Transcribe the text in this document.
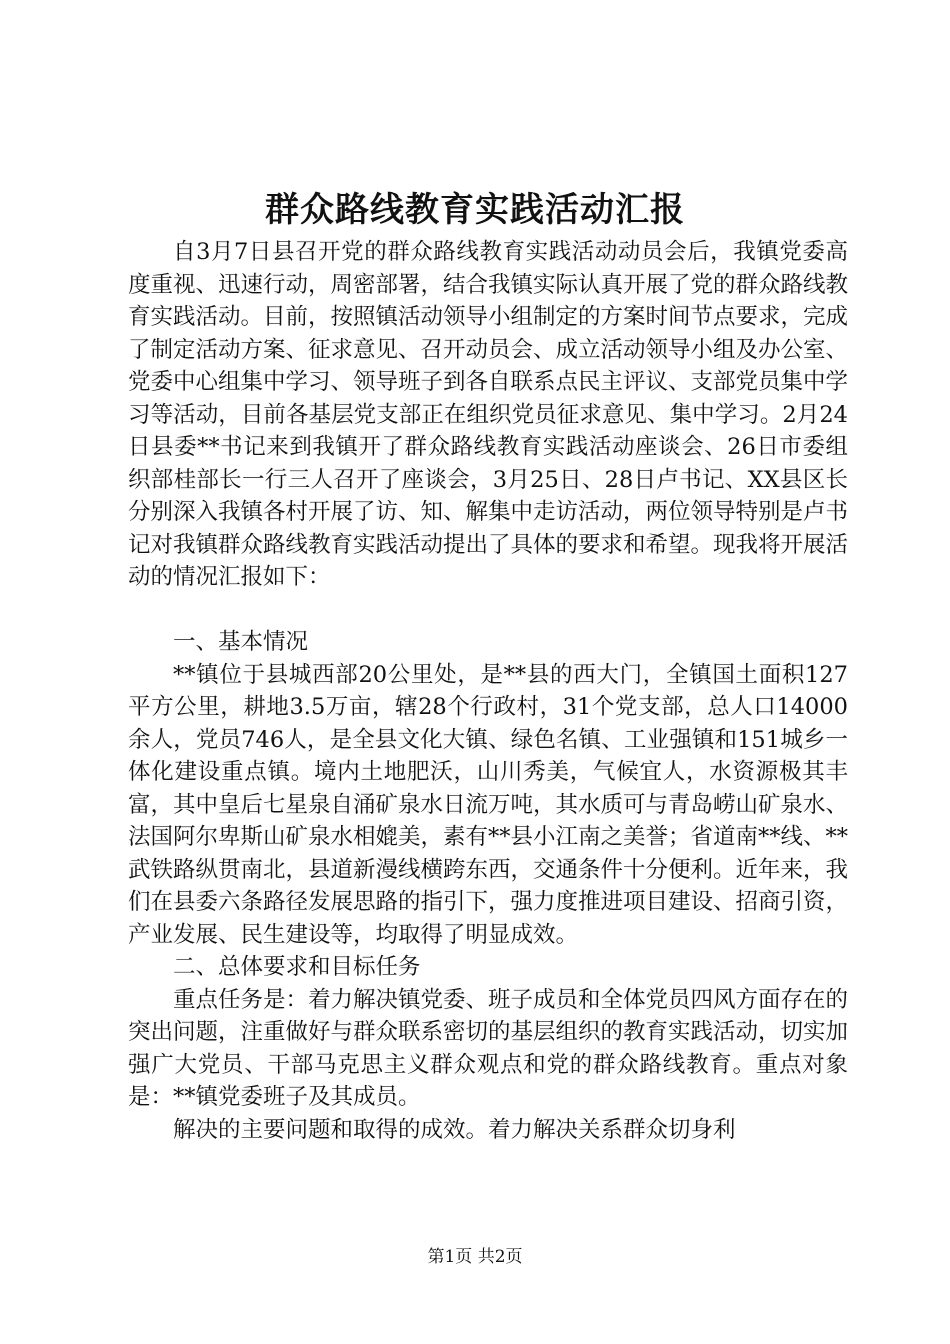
群众路线教育实践活动汇报

自3月7日县召开党的群众路线教育实践活动动员会后，我镇党委高度重视、迅速行动，周密部署，结合我镇实际认真开展了党的群众路线教育实践活动。目前，按照镇活动领导小组制定的方案时间节点要求，完成了制定活动方案、征求意见、召开动员会、成立活动领导小组及办公室、党委中心组集中学习、领导班子到各自联系点民主评议、支部党员集中学习等活动，目前各基层党支部正在组织党员征求意见、集中学习。2月24日县委**书记来到我镇开了群众路线教育实践活动座谈会、26日市委组织部桂部长一行三人召开了座谈会，3月25日、28日卢书记、XX县区长分别深入我镇各村开展了访、知、解集中走访活动，两位领导特别是卢书记对我镇群众路线教育实践活动提出了具体的要求和希望。现我将开展活动的情况汇报如下：

一、基本情况

**镇位于县城西部20公里处，是**县的西大门，全镇国土面积127平方公里，耕地3.5万亩，辖28个行政村，31个党支部，总人口14000余人，党员746人，是全县文化大镇、绿色名镇、工业强镇和151城乡一体化建设重点镇。境内土地肥沃，山川秀美，气候宜人，水资源极其丰富，其中皇后七星泉自涌矿泉水日流万吨，其水质可与青岛崂山矿泉水、法国阿尔卑斯山矿泉水相媲美，素有**县小江南之美誉；省道南**线、**武铁路纵贯南北，县道新漫线横跨东西，交通条件十分便利。近年来，我们在县委六条路径发展思路的指引下，强力度推进项目建设、招商引资，产业发展、民生建设等，均取得了明显成效。

二、总体要求和目标任务

重点任务是：着力解决镇党委、班子成员和全体党员四风方面存在的突出问题，注重做好与群众联系密切的基层组织的教育实践活动，切实加强广大党员、干部马克思主义群众观点和党的群众路线教育。重点对象是：**镇党委班子及其成员。

解决的主要问题和取得的成效。着力解决关系群众切身利

第1页 共2页
